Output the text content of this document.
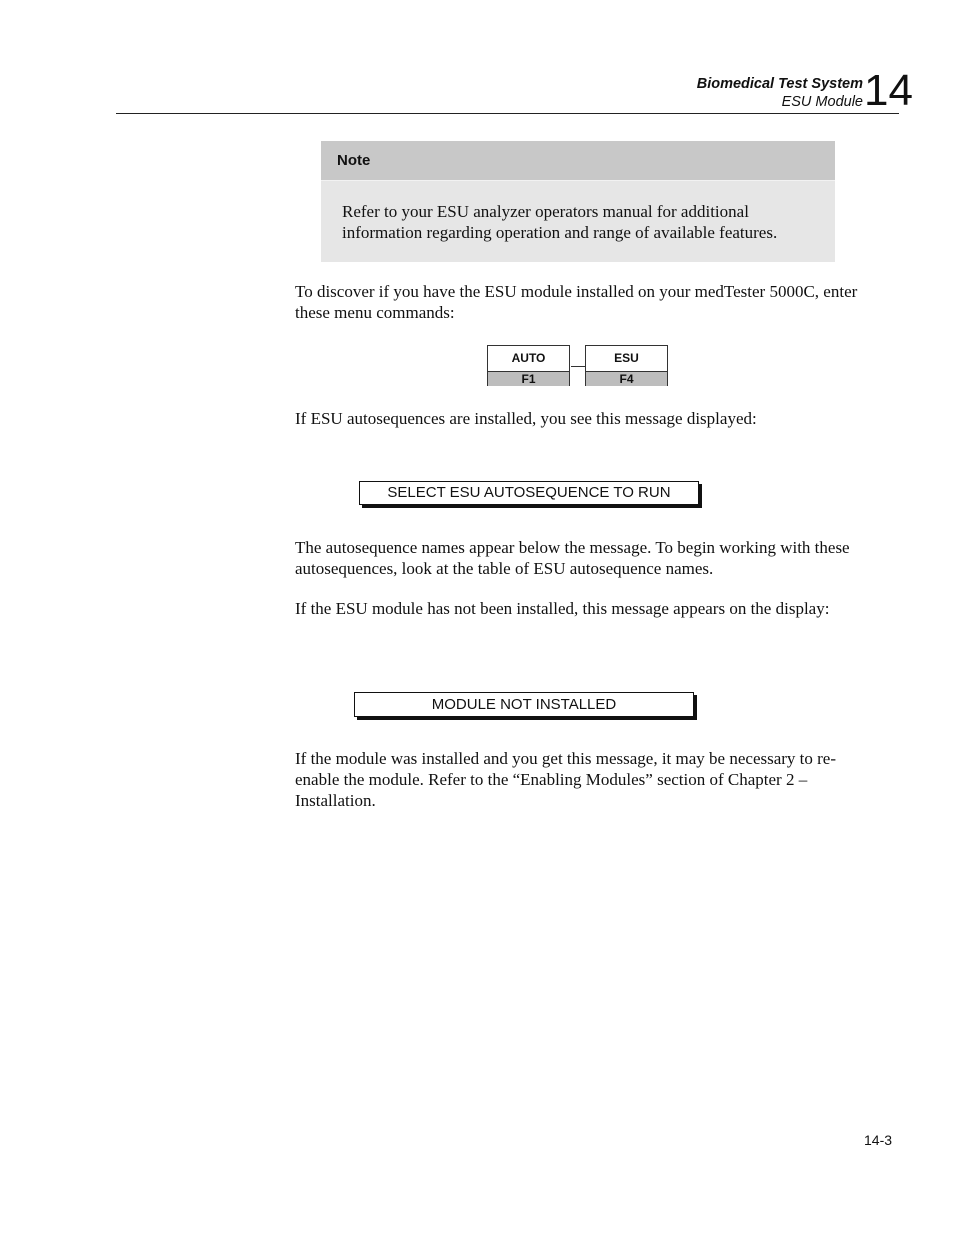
Biomedical Test System
ESU Module 14
Note
Refer to your ESU analyzer operators manual for additional information regarding operation and range of available features.
To discover if you have the ESU module installed on your medTester 5000C, enter these menu commands:
AUTO
F1
ESU
F4
If ESU autosequences are installed, you see this message displayed:
SELECT ESU AUTOSEQUENCE TO RUN
The autosequence names appear below the message. To begin working with these autosequences, look at the table of ESU autosequence names.
If the ESU module has not been installed, this message appears on the display:
MODULE NOT INSTALLED
If the module was installed and you get this message, it may be necessary to re-enable the module. Refer to the “Enabling Modules” section of Chapter 2 – Installation.
14-3
